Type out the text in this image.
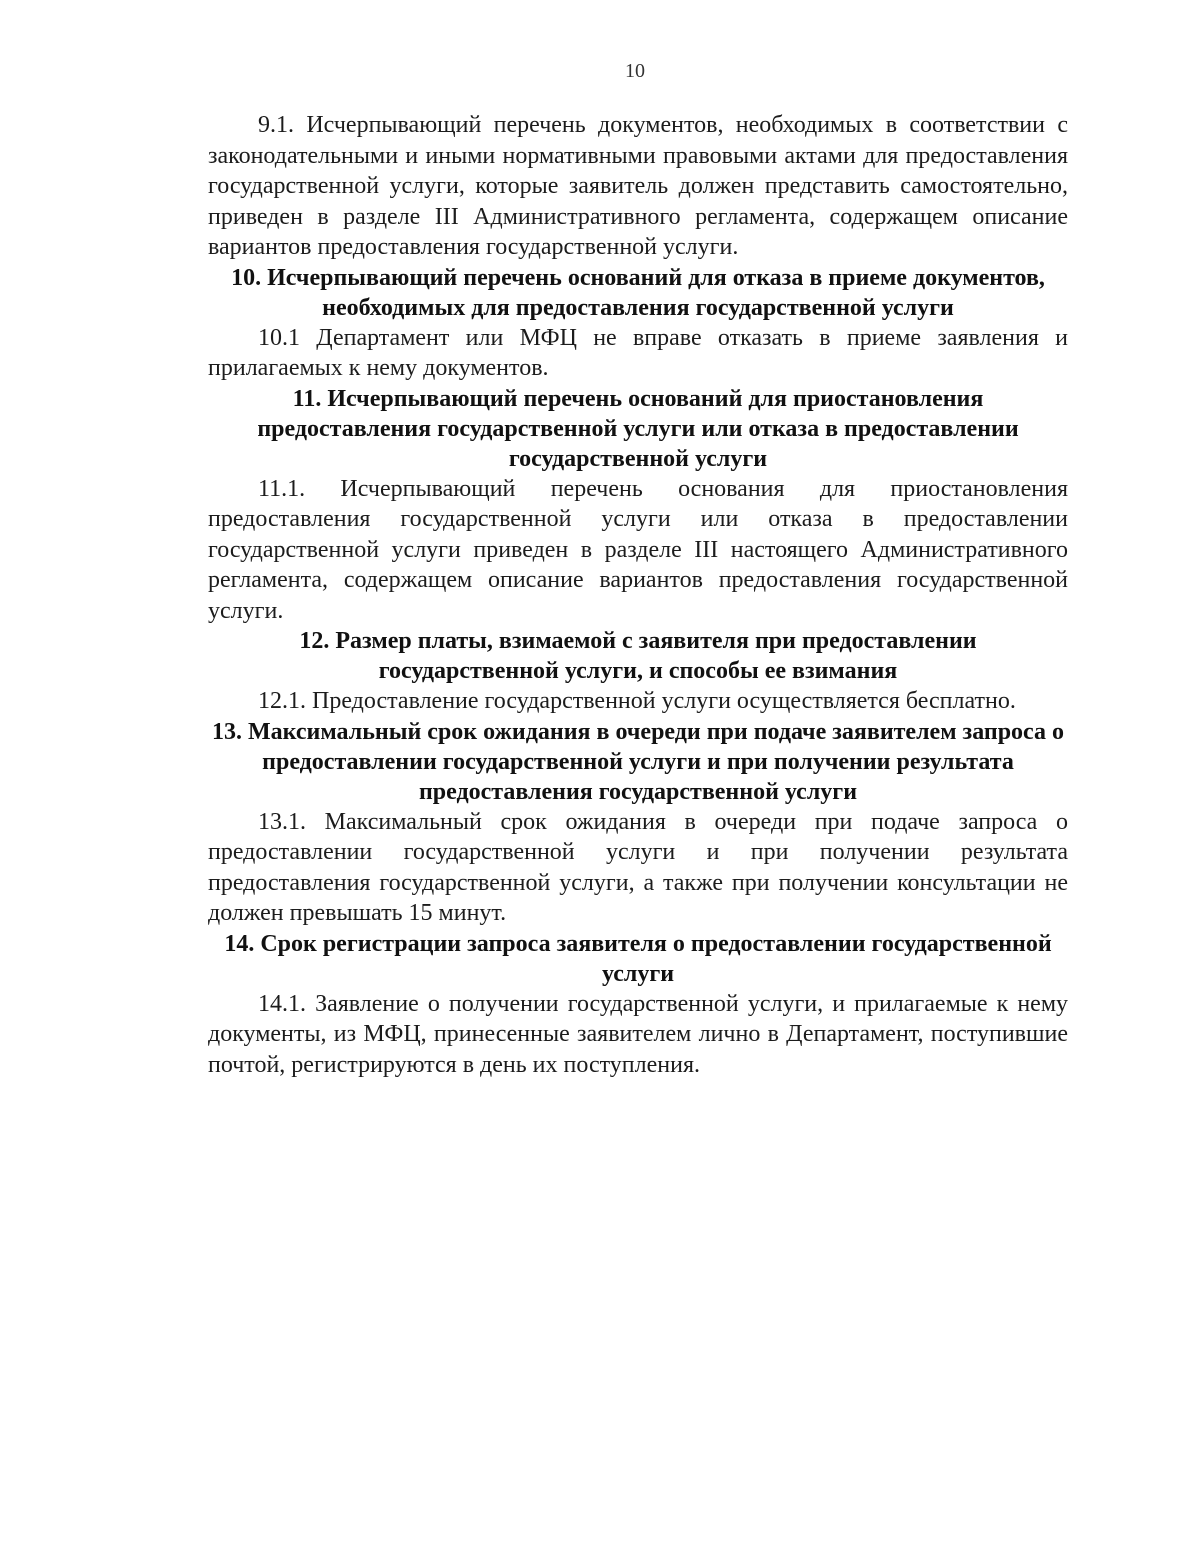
10

9.1. Исчерпывающий перечень документов, необходимых в соответствии с законодательными и иными нормативными правовыми актами для предоставления государственной услуги, которые заявитель должен представить самостоятельно, приведен в разделе III Административного регламента, содержащем описание вариантов предоставления государственной услуги.

10. Исчерпывающий перечень оснований для отказа в приеме документов, необходимых для предоставления государственной услуги

10.1 Департамент или МФЦ не вправе отказать в приеме заявления и прилагаемых к нему документов.

11. Исчерпывающий перечень оснований для приостановления предоставления государственной услуги или отказа в предоставлении государственной услуги

11.1. Исчерпывающий перечень основания для приостановления предоставления государственной услуги или отказа в предоставлении государственной услуги приведен в разделе III настоящего Административного регламента, содержащем описание вариантов предоставления государственной услуги.

12. Размер платы, взимаемой с заявителя при предоставлении государственной услуги, и способы ее взимания

12.1. Предоставление государственной услуги осуществляется бесплатно.

13. Максимальный срок ожидания в очереди при подаче заявителем запроса о предоставлении государственной услуги и при получении результата предоставления государственной услуги

13.1. Максимальный срок ожидания в очереди при подаче запроса о предоставлении государственной услуги и при получении результата предоставления государственной услуги, а также при получении консультации не должен превышать 15 минут.

14. Срок регистрации запроса заявителя о предоставлении государственной услуги

14.1. Заявление о получении государственной услуги, и прилагаемые к нему документы, из МФЦ, принесенные заявителем лично в Департамент, поступившие почтой, регистрируются в день их поступления.
